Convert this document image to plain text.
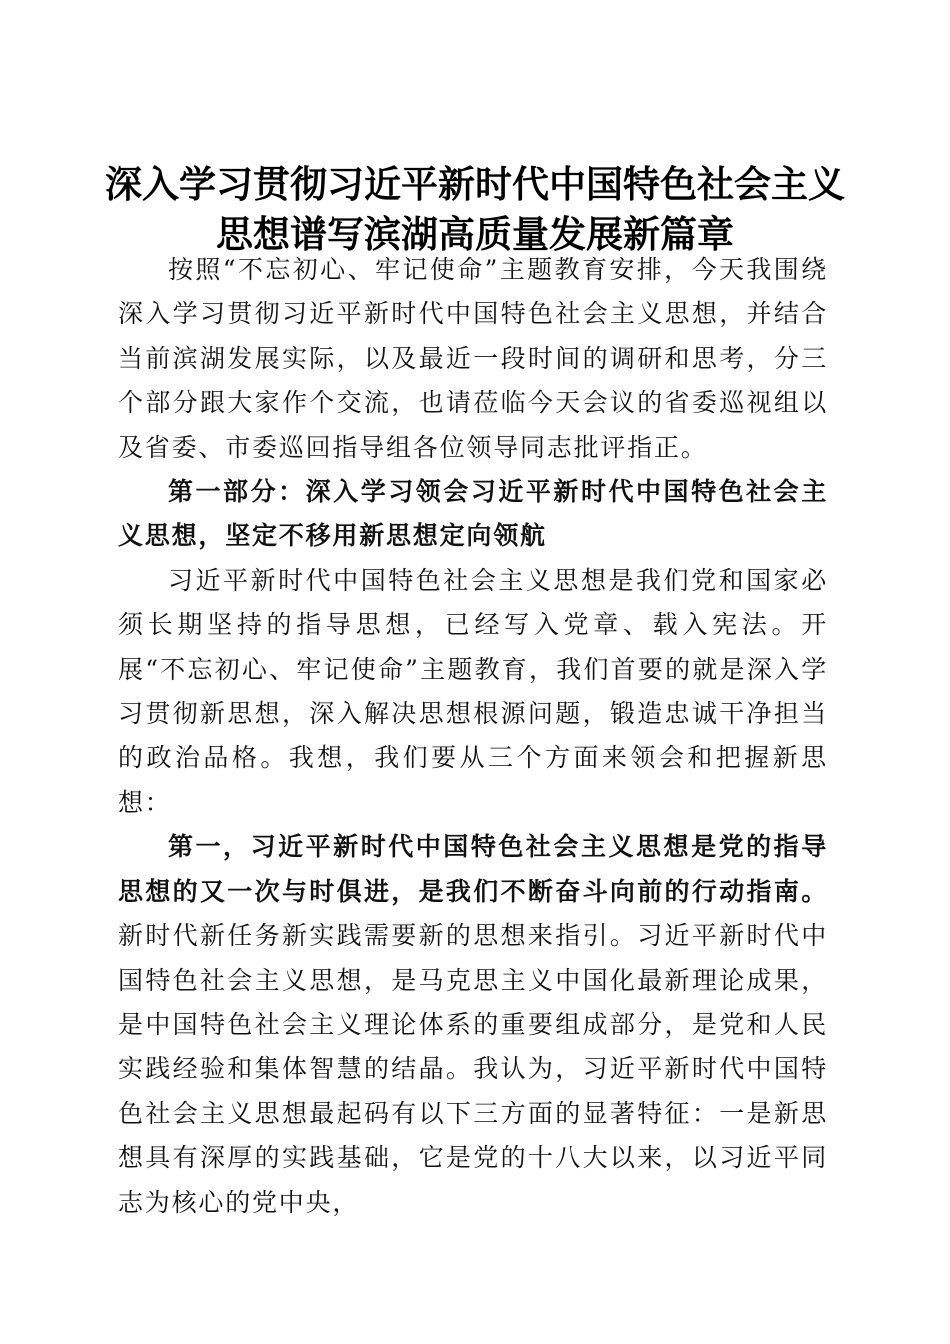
深入学习贯彻习近平新时代中国特色社会主义
思想谱写滨湖高质量发展新篇章

按照“不忘初心、牢记使命”主题教育安排，今天我围绕深入学习贯彻习近平新时代中国特色社会主义思想，并结合当前滨湖发展实际，以及最近一段时间的调研和思考，分三个部分跟大家作个交流，也请莅临今天会议的省委巡视组以及省委、市委巡回指导组各位领导同志批评指正。

第一部分：深入学习领会习近平新时代中国特色社会主义思想，坚定不移用新思想定向领航

习近平新时代中国特色社会主义思想是我们党和国家必须长期坚持的指导思想，已经写入党章、载入宪法。开展“不忘初心、牢记使命”主题教育，我们首要的就是深入学习贯彻新思想，深入解决思想根源问题，锻造忠诚干净担当的政治品格。我想，我们要从三个方面来领会和把握新思想：

第一，习近平新时代中国特色社会主义思想是党的指导思想的又一次与时俱进，是我们不断奋斗向前的行动指南。新时代新任务新实践需要新的思想来指引。习近平新时代中国特色社会主义思想，是马克思主义中国化最新理论成果，是中国特色社会主义理论体系的重要组成部分，是党和人民实践经验和集体智慧的结晶。我认为，习近平新时代中国特色社会主义思想最起码有以下三方面的显著特征：一是新思想具有深厚的实践基础，它是党的十八大以来，以习近平同志为核心的党中央，
